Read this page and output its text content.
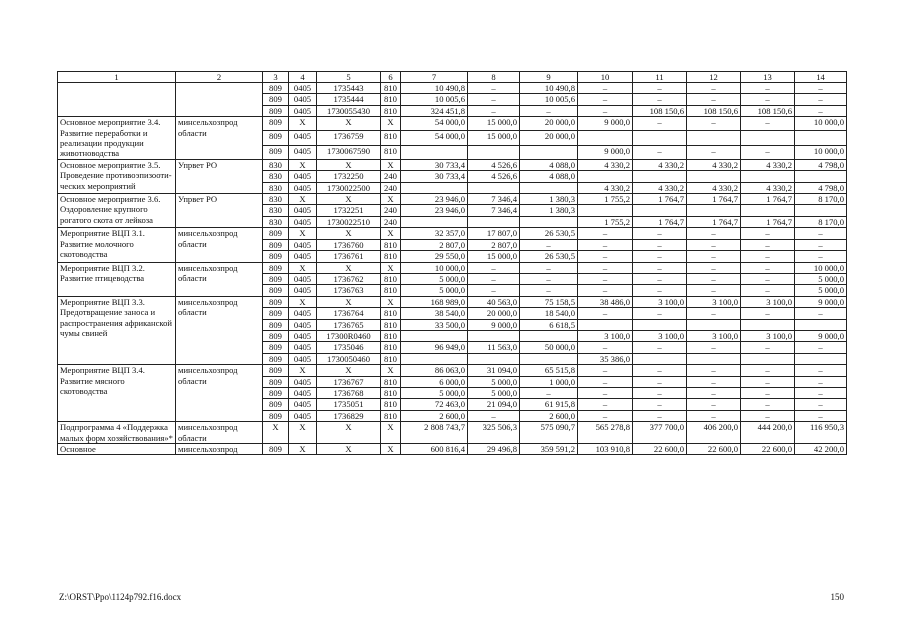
1	2	3	4	5	6	7	8	9	10	11	12	13	14
		809	0405	1735443	810	10 490,8	–	10 490,8	–	–	–	–	–
		809	0405	1735444	810	10 005,6	–	10 005,6	–	–	–	–	–
		809	0405	1730055430	810	324 451,8	–	–	–	108 150,6	108 150,6	108 150,6	–
Основное мероприятие 3.4. Развитие переработки и реализации продукции животноводства	минсельхозпрод области	809	X	X	X	54 000,0	15 000,0	20 000,0	9 000,0	–	–	–	10 000,0
		809	0405	1736759	810	54 000,0	15 000,0	20 000,0					
		809	0405	1730067590	810				9 000,0	–	–	–	10 000,0
Основное мероприятие 3.5. Проведение противоэпизооти-ческих мероприятий	Упрвет РО	830	X	X	X	30 733,4	4 526,6	4 088,0	4 330,2	4 330,2	4 330,2	4 330,2	4 798,0
		830	0405	1732250	240	30 733,4	4 526,6	4 088,0					
		830	0405	1730022500	240				4 330,2	4 330,2	4 330,2	4 330,2	4 798,0
Основное мероприятие 3.6. Оздоровление крупного рогатого скота от лейкоза	Упрвет РО	830	X	X	X	23 946,0	7 346,4	1 380,3	1 755,2	1 764,7	1 764,7	1 764,7	8 170,0
		830	0405	1732251	240	23 946,0	7 346,4	1 380,3					
		830	0405	1730022510	240				1 755,2	1 764,7	1 764,7	1 764,7	8 170,0
Мероприятие ВЦП 3.1. Развитие молочного скотоводства	минсельхозпрод области	809	X	X	X	32 357,0	17 807,0	26 530,5	–	–	–	–	–
		809	0405	1736760	810	2 807,0	2 807,0	–	–	–	–	–	–
		809	0405	1736761	810	29 550,0	15 000,0	26 530,5	–	–	–	–	–
Мероприятие ВЦП 3.2. Развитие птицеводства	минсельхозпрод области	809	X	X	X	10 000,0	–	–	–	–	–	–	10 000,0
		809	0405	1736762	810	5 000,0	–	–	–	–	–	–	5 000,0
		809	0405	1736763	810	5 000,0	–	–	–	–	–	–	5 000,0
Мероприятие ВЦП 3.3. Предотвращение заноса и распространения африканской чумы свиней	минсельхозпрод области	809	X	X	X	168 989,0	40 563,0	75 158,5	38 486,0	3 100,0	3 100,0	3 100,0	9 000,0
		809	0405	1736764	810	38 540,0	20 000,0	18 540,0	–	–	–	–	–
		809	0405	1736765	810	33 500,0	9 000,0	6 618,5					
		809	0405	17300R0460	810				3 100,0	3 100,0	3 100,0	3 100,0	9 000,0
		809	0405	1735046	810	96 949,0	11 563,0	50 000,0	–	–	–	–	–
		809	0405	1730050460	810				35 386,0				
Мероприятие ВЦП 3.4. Развитие мясного скотоводства	минсельхозпрод области	809	X	X	X	86 063,0	31 094,0	65 515,8	–	–	–	–	–
		809	0405	1736767	810	6 000,0	5 000,0	1 000,0	–	–	–	–	–
		809	0405	1736768	810	5 000,0	5 000,0	–	–	–	–	–	–
		809	0405	1735051	810	72 463,0	21 094,0	61 915,8	–	–	–	–	–
		809	0405	1736829	810	2 600,0	–	2 600,0	–	–	–	–	–
Подпрограмма 4 «Поддержка малых форм хозяйствования»*	минсельхозпрод области	X	X	X	X	2 808 743,7	325 506,3	575 090,7	565 278,8	377 700,0	406 200,0	444 200,0	116 950,3
Основное	минсельхозпрод	809	X	X	X	600 816,4	29 496,8	359 591,2	103 910,8	22 600,0	22 600,0	22 600,0	42 200,0
Z:\ORST\Ppo\1124p792.f16.docx	150
